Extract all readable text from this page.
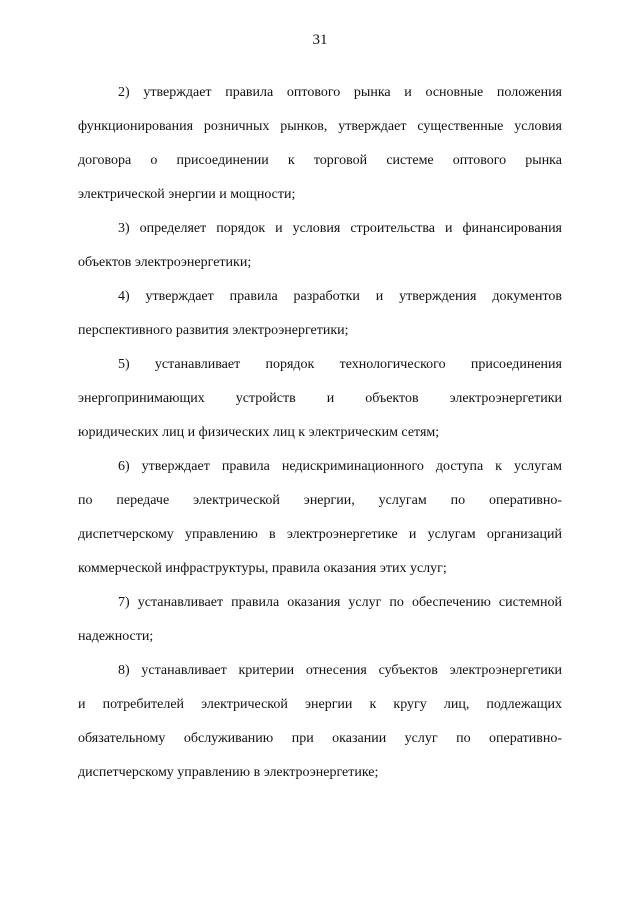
31
2) утверждает правила оптового рынка и основные положения
функционирования розничных рынков, утверждает существенные условия
договора о присоединении к торговой системе оптового рынка
электрической энергии и мощности;
3) определяет порядок и условия строительства и финансирования
объектов электроэнергетики;
4) утверждает правила разработки и утверждения документов
перспективного развития электроэнергетики;
5) устанавливает порядок технологического присоединения
энергопринимающих устройств и объектов электроэнергетики
юридических лиц и физических лиц к электрическим сетям;
6) утверждает правила недискриминационного доступа к услугам
по передаче электрической энергии, услугам по оперативно-
диспетчерскому управлению в электроэнергетике и услугам организаций
коммерческой инфраструктуры, правила оказания этих услуг;
7) устанавливает правила оказания услуг по обеспечению системной
надежности;
8) устанавливает критерии отнесения субъектов электроэнергетики
и потребителей электрической энергии к кругу лиц, подлежащих
обязательному обслуживанию при оказании услуг по оперативно-
диспетчерскому управлению в электроэнергетике;
